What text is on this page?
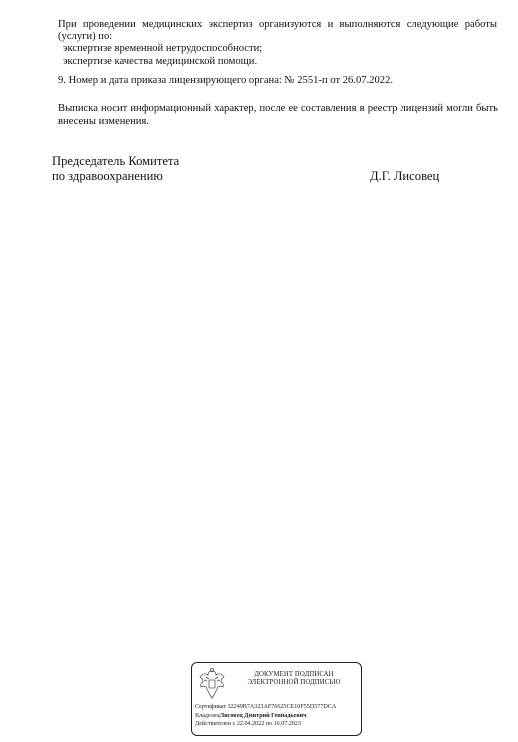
При проведении медицинских экспертиз организуются и выполняются следующие работы (услуги) по:
экспертизе временной нетрудоспособности;
экспертизе качества медицинской помощи.
9. Номер и дата приказа лицензирующего органа: № 2551-п от 26.07.2022.
Выписка носит информационный характер, после ее составления в реестр лицензий могли быть внесены изменения.
Председатель Комитета
по здравоохранению	Д.Г. Лисовец
ДОКУМЕНТ ПОДПИСАН
ЭЛЕКТРОННОЙ ПОДПИСЬЮ
Сертификат 32249B7A323AF76625CE10F55D577DCA
ВладелецЛисовец Дмитрий Геннадьевич
Действителен с 22.04.2022 по 16.07.2023
